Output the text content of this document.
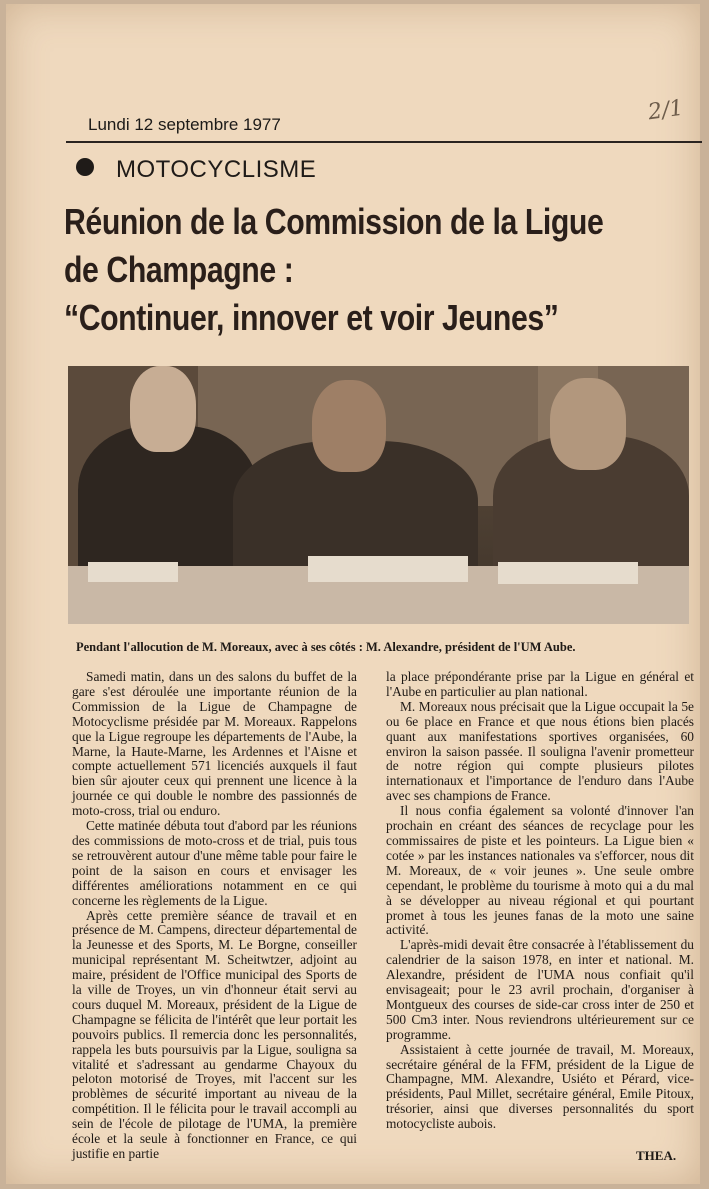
2/1
Lundi 12 septembre 1977
MOTOCYCLISME
Réunion de la Commission de la Ligue
de Champagne :
“Continuer, innover et voir Jeunes”
Pendant l'allocution de M. Moreaux, avec à ses côtés : M. Alexandre, président de l'UM Aube.

Samedi matin, dans un des salons du buffet de la gare s'est déroulée une importante réunion de la Commission de la Ligue de Champagne de Motocyclisme présidée par M. Moreaux. Rappelons que la Ligue regroupe les départements de l'Aube, la Marne, la Haute-Marne, les Ardennes et l'Aisne et compte actuellement 571 licenciés auxquels il faut bien sûr ajouter ceux qui prennent une licence à la journée ce qui double le nombre des passionnés de moto-cross, trial ou enduro.

Cette matinée débuta tout d'abord par les réunions des commissions de moto-cross et de trial, puis tous se retrouvèrent autour d'une même table pour faire le point de la saison en cours et envisager les différentes améliorations notamment en ce qui concerne les règlements de la Ligue.

Après cette première séance de travail et en présence de M. Campens, directeur départemental de la Jeunesse et des Sports, M. Le Borgne, conseiller municipal représentant M. Scheitwtzer, adjoint au maire, président de l'Office municipal des Sports de la ville de Troyes, un vin d'honneur était servi au cours duquel M. Moreaux, président de la Ligue de Champagne se félicita de l'intérêt que leur portait les pouvoirs publics. Il remercia donc les personnalités, rappela les buts poursuivis par la Ligue, souligna sa vitalité et s'adressant au gendarme Chayoux du peloton motorisé de Troyes, mit l'accent sur les problèmes de sécurité important au niveau de la compétition. Il le félicita pour le travail accompli au sein de l'école de pilotage de l'UMA, la première école et la seule à fonctionner en France, ce qui justifie en partie

la place prépondérante prise par la Ligue en général et l'Aube en particulier au plan national.

M. Moreaux nous précisait que la Ligue occupait la 5e ou 6e place en France et que nous étions bien placés quant aux manifestations sportives organisées, 60 environ la saison passée. Il souligna l'avenir prometteur de notre région qui compte plusieurs pilotes internationaux et l'importance de l'enduro dans l'Aube avec ses champions de France.

Il nous confia également sa volonté d'innover l'an prochain en créant des séances de recyclage pour les commissaires de piste et les pointeurs. La Ligue bien « cotée » par les instances nationales va s'efforcer, nous dit M. Moreaux, de « voir jeunes ». Une seule ombre cependant, le problème du tourisme à moto qui a du mal à se développer au niveau régional et qui pourtant promet à tous les jeunes fanas de la moto une saine activité.

L'après-midi devait être consacrée à l'établissement du calendrier de la saison 1978, en inter et national. M. Alexandre, président de l'UMA nous confiait qu'il envisageait; pour le 23 avril prochain, d'organiser à Montgueux des courses de side-car cross inter de 250 et 500 Cm3 inter. Nous reviendrons ultérieurement sur ce programme.

Assistaient à cette journée de travail, M. Moreaux, secrétaire général de la FFM, président de la Ligue de Champagne, MM. Alexandre, Usiéto et Pérard, vice-présidents, Paul Millet, secrétaire général, Emile Pitoux, trésorier, ainsi que diverses personnalités du sport motocycliste aubois.

THEA.
